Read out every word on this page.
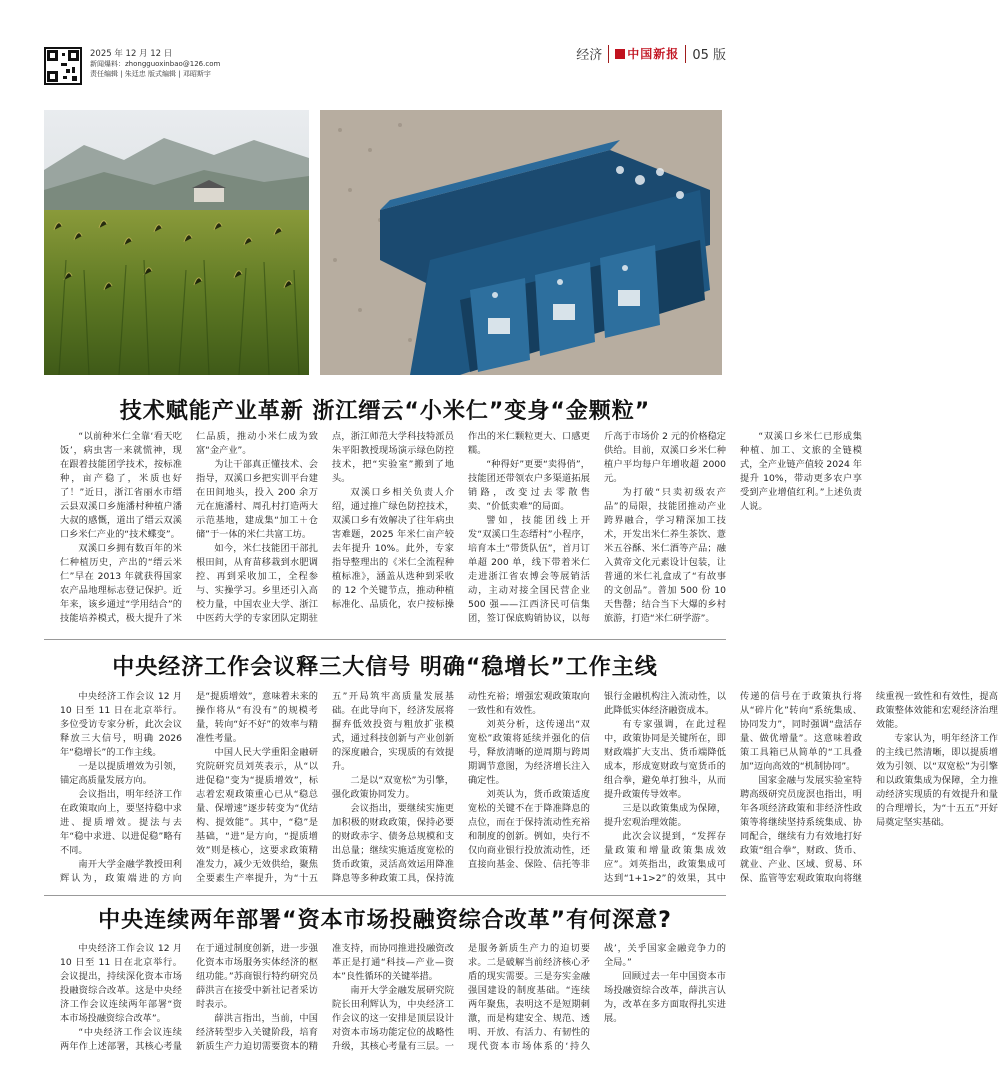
2025 年 12 月 12 日
新闻爆料：zhongguoxinbao@126.com
责任编辑 | 朱廷忠 版式编辑 | 邓昭斯宇
经济	中国新报 05 版
技术赋能产业革新 浙江缙云“小米仁”变身“金颗粒”

“以前种米仁全靠‘看天吃饭’，病虫害一来就慌神，现在跟着技能团学技术，按标准种，亩产稳了，米质也好了！”近日，浙江省丽水市缙云县双溪口乡施潘村种植户潘大叔的感慨，道出了缙云双溪口乡米仁产业的“技术蝶变”。

双溪口乡拥有数百年的米仁种植历史，产出的“缙云米仁”早在 2013 年就获得国家农产品地理标志登记保护。近年来，该乡通过“学用结合”的技能培养模式，极大提升了米仁品质，推动小米仁成为致富“金产业”。

为让干部真正懂技术、会指导，双溪口乡把实训平台建在田间地头，投入 200 余万元在施潘村、周孔村打造两大示范基地，建成集“加工＋仓储”于一体的米仁共富工坊。

如今，米仁技能团干部扎根田间，从育苗移栽到水肥调控、再到采收加工，全程参与、实操学习。乡里还引入高校力量，中国农业大学、浙江中医药大学的专家团队定期驻点，浙江师范大学科技特派员朱平阳教授现场演示绿色防控技术，把“实验室”搬到了地头。

双溪口乡相关负责人介绍，通过推广绿色防控技术，双溪口乡有效解决了往年病虫害难题，2025 年米仁亩产较去年提升 10%。此外，专家指导整理出的《米仁全流程种植标准》，涵盖从选种到采收的 12 个关键节点，推动种植标准化、品质化，农户按标操作出的米仁颗粒更大、口感更糯。

“种得好”更要“卖得俏”，技能团还带领农户多渠道拓展销路，改变过去零散售卖、“价低卖难”的局面。

譬如，技能团线上开发“双溪口生态缙村”小程序，培育本土“带货队伍”，首月订单超 200 单，线下带着米仁走进浙江省农博会等展销活动，主动对接全国民营企业 500 强——江西济民可信集团，签订保底购销协议，以每斤高于市场价 2 元的价格稳定供给。目前，双溪口乡米仁种植户平均每户年增收超 2000 元。

为打破“只卖初级农产品”的局限，技能团推动产业跨界融合，学习精深加工技术，开发出米仁养生茶饮、薏米五谷酥、米仁酒等产品；融入黄帝文化元素设计包装，让普通的米仁礼盒成了“有故事的文创品”。普加 500 份 10 天售罄；结合当下大爆的乡村旅游，打造“米仁研学游”。

“双溪口乡米仁已形成集种植、加工、文旅的全链模式，全产业链产值较 2024 年提升 10%，带动更多农户享受到产业增值红利。”上述负责人说。

中央经济工作会议释三大信号 明确“稳增长”工作主线

中央经济工作会议 12 月 10 日至 11 日在北京举行。多位受访专家分析，此次会议释放三大信号，明确 2026 年“稳增长”的工作主线。

一是以提质增效为引领，锚定高质量发展方向。

会议指出，明年经济工作在政策取向上，要坚持稳中求进、提质增效。提法与去年“稳中求进、以进促稳”略有不同。

南开大学金融学教授田利辉认为，政策端进的方向是“提质增效”，意味着未来的操作将从“有没有”的规模考量，转向“好不好”的效率与精准性考量。

中国人民大学重阳金融研究院研究员刘英表示，从“以进促稳”变为“提质增效”，标志着宏观政策重心已从“稳总量、保增速”逐步转变为“优结构、提效能”。其中，“稳”是基础，“进”是方向，“提质增效”则是核心，这要求政策精准发力，减少无效供给，聚焦全要素生产率提升，为“十五五”开局筑牢高质量发展基础。在此导向下，经济发展将摒弃低效投资与粗放扩张模式，通过科技创新与产业创新的深度融合，实现质的有效提升。

二是以“双宽松”为引擎，强化政策协同发力。

会议指出，要继续实施更加积极的财政政策，保持必要的财政赤字、债务总规模和支出总量；继续实施适度宽松的货币政策，灵活高效运用降准降息等多种政策工具，保持流动性充裕；增强宏观政策取向一致性和有效性。

刘英分析，这传递出“双宽松”政策将延续并强化的信号，释放清晰的逆周期与跨周期调节意图，为经济增长注入确定性。

刘英认为，货币政策适度宽松的关键不在于降准降息的点位，而在于保持流动性充裕和制度的创新。例如，央行不仅向商业银行投放流动性，还直接向基金、保险、信托等非银行金融机构注入流动性，以此降低实体经济融资成本。

有专家强调，在此过程中，政策协同是关键所在，即财政端扩大支出、货币端降低成本，形成宽财政与宽货币的组合拳，避免单打独斗，从而提升政策传导效率。

三是以政策集成为保障，提升宏观治理效能。

此次会议提到，“发挥存量政策和增量政策集成效应”。刘英指出，政策集成可达到“1+1>2”的效果，其中传递的信号在于政策执行将从“碎片化”转向“系统集成、协同发力”，同时强调“盘活存量、做优增量”。这意味着政策工具箱已从简单的“工具叠加”迈向高效的“机制协同”。

国家金融与发展实验室特聘高级研究员庞溟也指出，明年各项经济政策和非经济性政策等将继续坚持系统集成、协同配合，继续有力有效地打好政策“组合拳”，财政、货币、就业、产业、区域、贸易、环保、监管等宏观政策取向将继续重视一致性和有效性，提高政策整体效能和宏观经济治理效能。

专家认为，明年经济工作的主线已然清晰，即以提质增效为引领、以“双宽松”为引擎和以政策集成为保障，全力推动经济实现质的有效提升和量的合理增长，为“十五五”开好局奠定坚实基础。

中央连续两年部署“资本市场投融资综合改革”有何深意?

中央经济工作会议 12 月 10 日至 11 日在北京举行。会议提出，持续深化资本市场投融资综合改革。这是中央经济工作会议连续两年部署“资本市场投融资综合改革”。

“中央经济工作会议连续两年作上述部署，其核心考量在于通过制度创新，进一步强化资本市场服务实体经济的枢纽功能。”苏商银行特约研究员薛洪言在接受中新社记者采访时表示。

薛洪言指出，当前，中国经济转型步入关键阶段，培育新质生产力迫切需要资本的精准支持，而协同推进投融资改革正是打通“科技—产业—资本”良性循环的关键举措。

南开大学金融发展研究院院长田利辉认为，中央经济工作会议的这一安排是顶层设计对资本市场功能定位的战略性升级，其核心考量有三层。一是服务新质生产力的迫切要求。二是破解当前经济核心矛盾的现实需要。三是夯实金融强国建设的制度基础。“连续两年聚焦，表明这不是短期刺激，而是构建安全、规范、透明、开放、有活力、有韧性的现代资本市场体系的‘持久战’，关乎国家金融竞争力的全局。”

回顾过去一年中国资本市场投融资综合改革，薛洪言认为，改革在多方面取得扎实进展。
